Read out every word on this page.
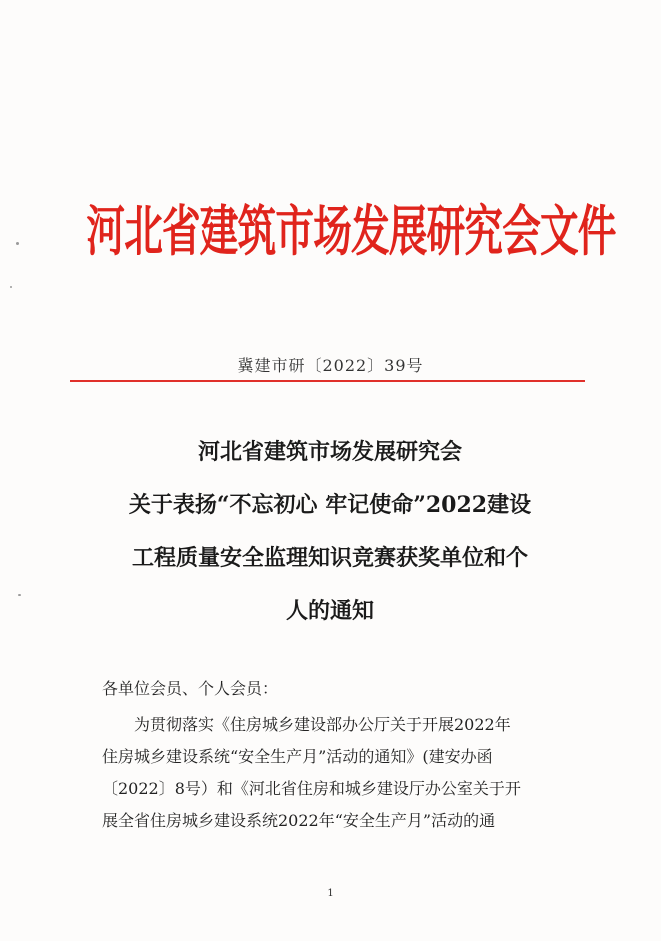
河北省建筑市场发展研究会文件
冀建市研〔2022〕39号
河北省建筑市场发展研究会
关于表扬“不忘初心 牢记使命”2022建设
工程质量安全监理知识竞赛获奖单位和个
人的通知
各单位会员、个人会员：
为贯彻落实《住房城乡建设部办公厅关于开展2022年
住房城乡建设系统“安全生产月”活动的通知》(建安办函
〔2022〕8号）和《河北省住房和城乡建设厅办公室关于开
展全省住房城乡建设系统2022年“安全生产月”活动的通
1
